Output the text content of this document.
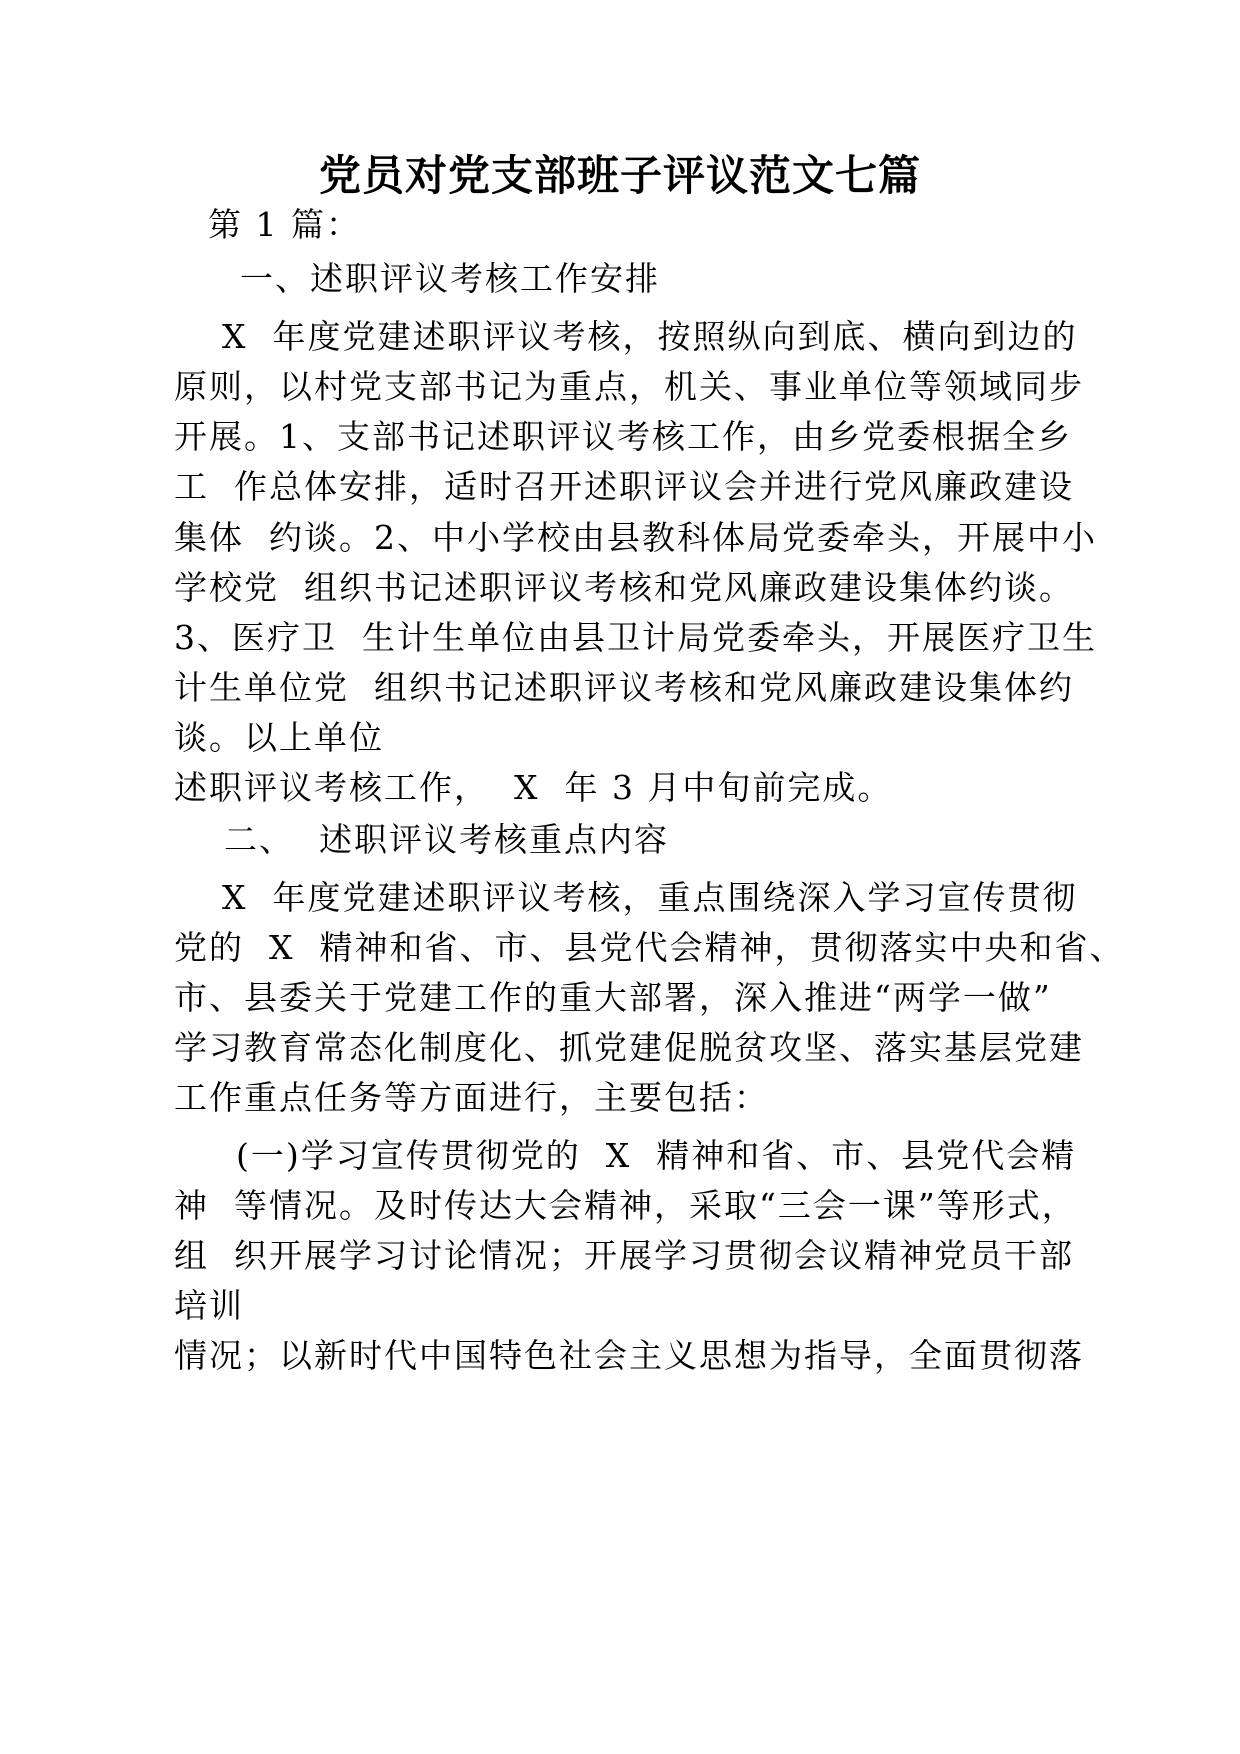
党员对党支部班子评议范文七篇
第 1 篇：
一、述职评议考核工作安排
X  年度党建述职评议考核，按照纵向到底、横向到边的
原则，以村党支部书记为重点，机关、事业单位等领域同步
开展。1、支部书记述职评议考核工作，由乡党委根据全乡
工  作总体安排，适时召开述职评议会并进行党风廉政建设
集体  约谈。2、中小学校由县教科体局党委牵头，开展中小
学校党  组织书记述职评议考核和党风廉政建设集体约谈。
3、医疗卫  生计生单位由县卫计局党委牵头，开展医疗卫生
计生单位党  组织书记述职评议考核和党风廉政建设集体约
谈。以上单位
述职评议考核工作，  X  年 3 月中旬前完成。
二、  述职评议考核重点内容
X  年度党建述职评议考核，重点围绕深入学习宣传贯彻
党的  X  精神和省、市、县党代会精神，贯彻落实中央和省、
市、县委关于党建工作的重大部署，深入推进“两学一做”
学习教育常态化制度化、抓党建促脱贫攻坚、落实基层党建
工作重点任务等方面进行，主要包括：
(一)学习宣传贯彻党的  X  精神和省、市、县党代会精
神  等情况。及时传达大会精神，采取“三会一课”等形式，
组  织开展学习讨论情况；开展学习贯彻会议精神党员干部
培训
情况；以新时代中国特色社会主义思想为指导，全面贯彻落
